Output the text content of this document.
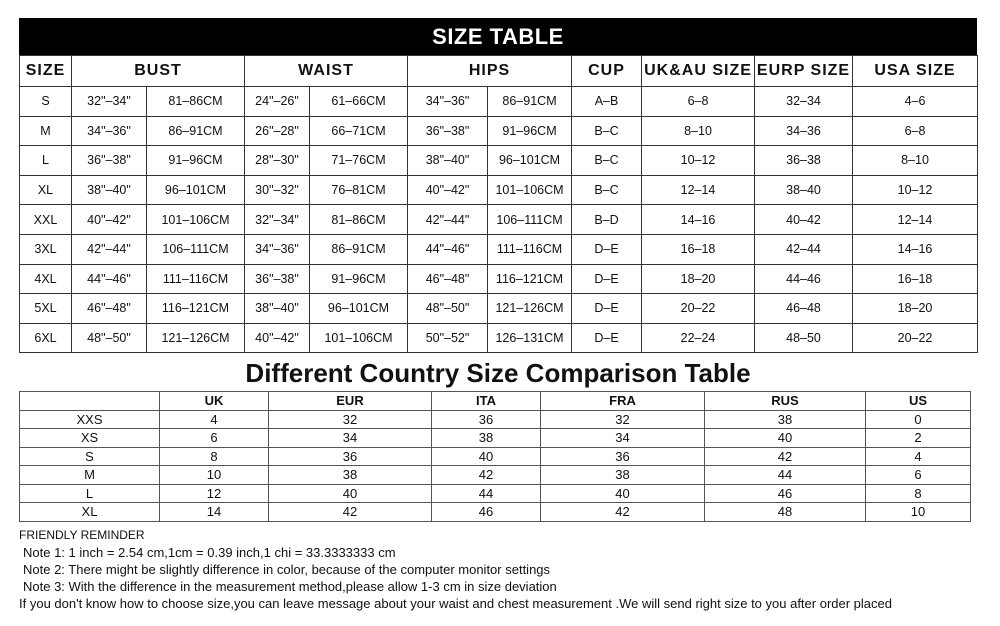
SIZE TABLE
SIZE	BUST		WAIST		HIPS		CUP	UK&AU SIZE	EURP SIZE	USA SIZE
S	32"–34"	81–86CM	24"–26"	61–66CM	34"–36"	86–91CM	A–B	6–8	32–34	4–6
M	34"–36"	86–91CM	26"–28"	66–71CM	36"–38"	91–96CM	B–C	8–10	34–36	6–8
L	36"–38"	91–96CM	28"–30"	71–76CM	38"–40"	96–101CM	B–C	10–12	36–38	8–10
XL	38"–40"	96–101CM	30"–32"	76–81CM	40"–42"	101–106CM	B–C	12–14	38–40	10–12
XXL	40"–42"	101–106CM	32"–34"	81–86CM	42"–44"	106–111CM	B–D	14–16	40–42	12–14
3XL	42"–44"	106–111CM	34"–36"	86–91CM	44"–46"	111–116CM	D–E	16–18	42–44	14–16
4XL	44"–46"	111–116CM	36"–38"	91–96CM	46"–48"	116–121CM	D–E	18–20	44–46	16–18
5XL	46"–48"	116–121CM	38"–40"	96–101CM	48"–50"	121–126CM	D–E	20–22	46–48	18–20
6XL	48"–50"	121–126CM	40"–42"	101–106CM	50"–52"	126–131CM	D–E	22–24	48–50	20–22
Different Country Size Comparison Table
	UK	EUR	ITA	FRA	RUS	US
XXS	4	32	36	32	38	0
XS	6	34	38	34	40	2
S	8	36	40	36	42	4
M	10	38	42	38	44	6
L	12	40	44	40	46	8
XL	14	42	46	42	48	10
FRIENDLY REMINDER
Note 1: 1 inch = 2.54 cm,1cm = 0.39 inch,1 chi = 33.3333333 cm
Note 2: There might be slightly difference in color, because of the computer monitor settings
Note 3: With the difference in the measurement method,please allow 1-3 cm in size deviation
If you don't know how to choose size,you can leave message about your waist and chest measurement .We will send right size to you after order placed
